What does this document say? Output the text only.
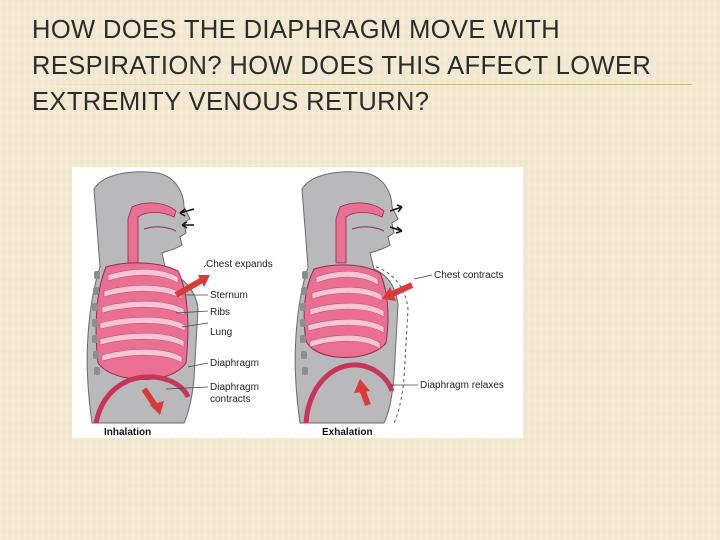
HOW DOES THE DIAPHRAGM MOVE WITH RESPIRATION? HOW DOES THIS AFFECT LOWER EXTREMITY VENOUS RETURN?
Chest expands
Sternum
Ribs
Lung
Diaphragm
Diaphragm
contracts
Inhalation
Chest contracts
Diaphragm relaxes
Exhalation
